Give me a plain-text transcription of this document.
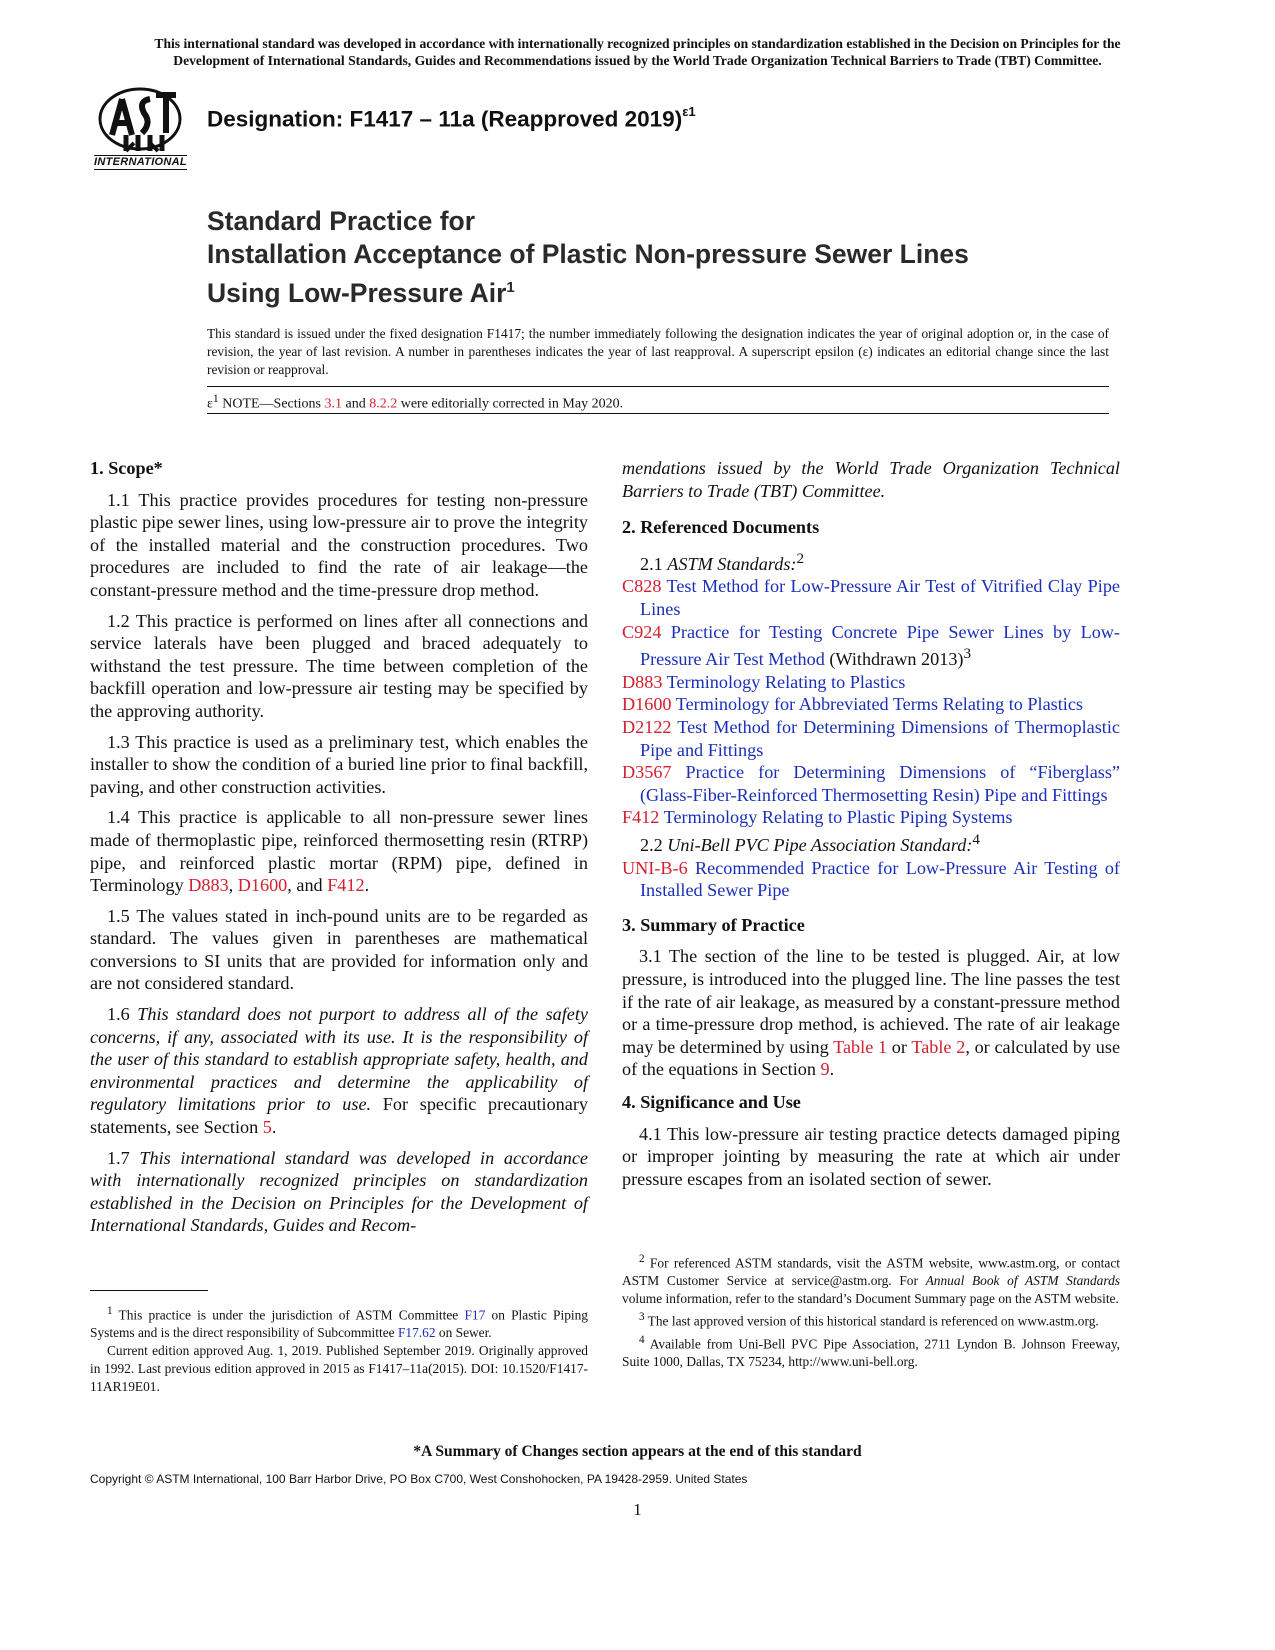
This international standard was developed in accordance with internationally recognized principles on standardization established in the Decision on Principles for the
Development of International Standards, Guides and Recommendations issued by the World Trade Organization Technical Barriers to Trade (TBT) Committee.
INTERNATIONAL
Designation: F1417 – 11a (Reapproved 2019)$^{\varepsilon 1}$
Standard Practice for
Installation Acceptance of Plastic Non-pressure Sewer Lines
Using Low-Pressure Air$^1$
This standard is issued under the fixed designation F1417; the number immediately following the designation indicates the year of original adoption or, in the case of revision, the year of last revision. A number in parentheses indicates the year of last reapproval. A superscript epsilon (ε) indicates an editorial change since the last revision or reapproval.
$\varepsilon^1$ NOTE—Sections 3.1 and 8.2.2 were editorially corrected in May 2020.

1. Scope*

1.1 This practice provides procedures for testing non-pressure plastic pipe sewer lines, using low-pressure air to prove the integrity of the installed material and the construction procedures. Two procedures are included to find the rate of air leakage—the constant-pressure method and the time-pressure drop method.

1.2 This practice is performed on lines after all connections and service laterals have been plugged and braced adequately to withstand the test pressure. The time between completion of the backfill operation and low-pressure air testing may be specified by the approving authority.

1.3 This practice is used as a preliminary test, which enables the installer to show the condition of a buried line prior to final backfill, paving, and other construction activities.

1.4 This practice is applicable to all non-pressure sewer lines made of thermoplastic pipe, reinforced thermosetting resin (RTRP) pipe, and reinforced plastic mortar (RPM) pipe, defined in Terminology D883, D1600, and F412.

1.5 The values stated in inch-pound units are to be regarded as standard. The values given in parentheses are mathematical conversions to SI units that are provided for information only and are not considered standard.

1.6 This standard does not purport to address all of the safety concerns, if any, associated with its use. It is the responsibility of the user of this standard to establish appropriate safety, health, and environmental practices and determine the applicability of regulatory limitations prior to use. For specific precautionary statements, see Section 5.

1.7 This international standard was developed in accordance with internationally recognized principles on standardization established in the Decision on Principles for the Development of International Standards, Guides and Recom-

$^1$ This practice is under the jurisdiction of ASTM Committee F17 on Plastic Piping Systems and is the direct responsibility of Subcommittee F17.62 on Sewer.

Current edition approved Aug. 1, 2019. Published September 2019. Originally approved in 1992. Last previous edition approved in 2015 as F1417–11a(2015). DOI: 10.1520/F1417-11AR19E01.

mendations issued by the World Trade Organization Technical Barriers to Trade (TBT) Committee.

2. Referenced Documents

2.1 ASTM Standards:$^2$

C828 Test Method for Low-Pressure Air Test of Vitrified Clay Pipe Lines

C924 Practice for Testing Concrete Pipe Sewer Lines by Low-Pressure Air Test Method (Withdrawn 2013)$^3$

D883 Terminology Relating to Plastics

D1600 Terminology for Abbreviated Terms Relating to Plastics

D2122 Test Method for Determining Dimensions of Thermoplastic Pipe and Fittings

D3567 Practice for Determining Dimensions of “Fiberglass” (Glass-Fiber-Reinforced Thermosetting Resin) Pipe and Fittings

F412 Terminology Relating to Plastic Piping Systems

2.2 Uni-Bell PVC Pipe Association Standard:$^4$

UNI-B-6 Recommended Practice for Low-Pressure Air Testing of Installed Sewer Pipe

3. Summary of Practice

3.1 The section of the line to be tested is plugged. Air, at low pressure, is introduced into the plugged line. The line passes the test if the rate of air leakage, as measured by a constant-pressure method or a time-pressure drop method, is achieved. The rate of air leakage may be determined by using Table 1 or Table 2, or calculated by use of the equations in Section 9.

4. Significance and Use

4.1 This low-pressure air testing practice detects damaged piping or improper jointing by measuring the rate at which air under pressure escapes from an isolated section of sewer.

$^2$ For referenced ASTM standards, visit the ASTM website, www.astm.org, or contact ASTM Customer Service at service@astm.org. For Annual Book of ASTM Standards volume information, refer to the standard’s Document Summary page on the ASTM website.

$^3$ The last approved version of this historical standard is referenced on www.astm.org.

$^4$ Available from Uni-Bell PVC Pipe Association, 2711 Lyndon B. Johnson Freeway, Suite 1000, Dallas, TX 75234, http://www.uni-bell.org.

*A Summary of Changes section appears at the end of this standard
Copyright © ASTM International, 100 Barr Harbor Drive, PO Box C700, West Conshohocken, PA 19428-2959. United States
1
